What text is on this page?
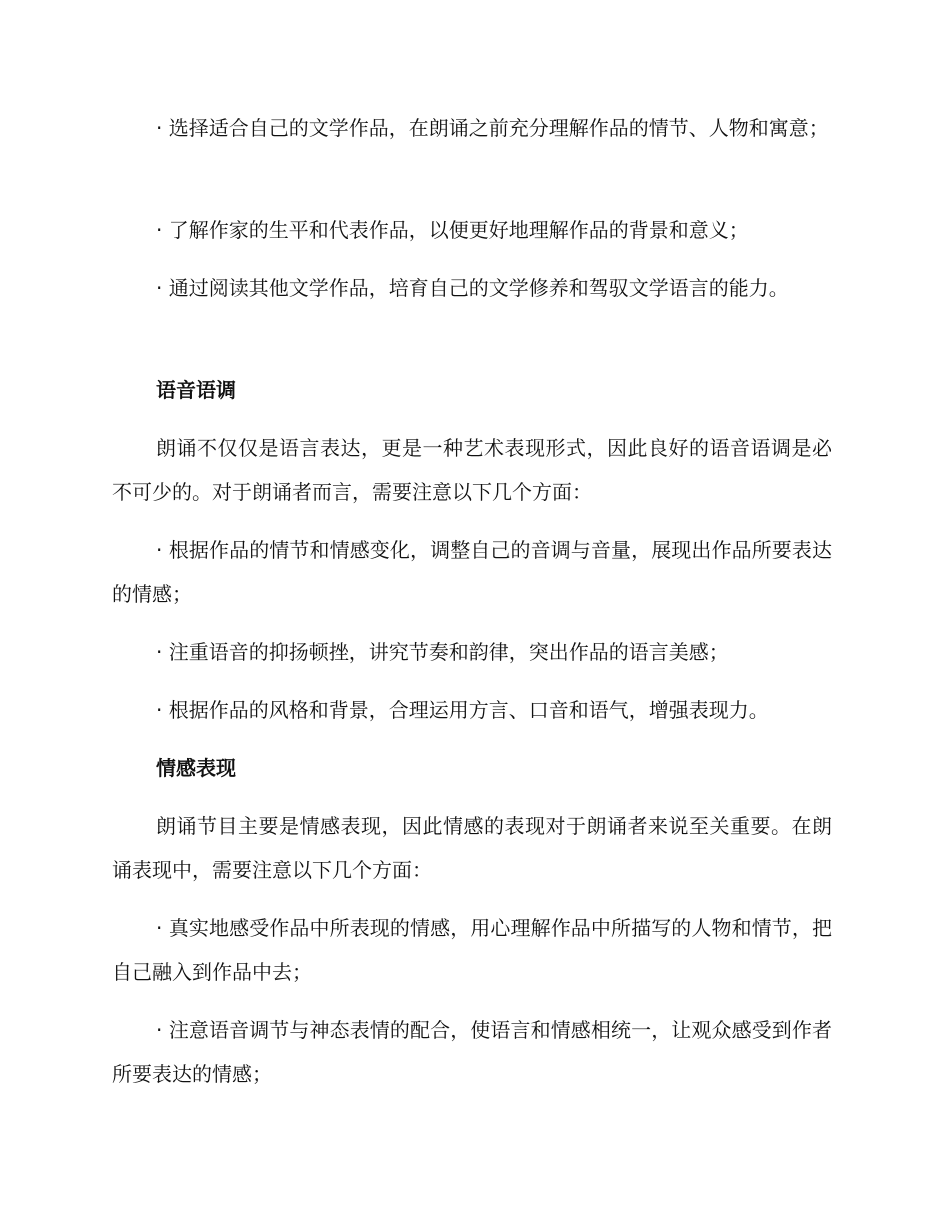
· 选择适合自己的文学作品，在朗诵之前充分理解作品的情节、人物和寓意；

· 了解作家的生平和代表作品，以便更好地理解作品的背景和意义；

· 通过阅读其他文学作品，培育自己的文学修养和驾驭文学语言的能力。

语音语调

朗诵不仅仅是语言表达，更是一种艺术表现形式，因此良好的语音语调是必不可少的。对于朗诵者而言，需要注意以下几个方面：

· 根据作品的情节和情感变化，调整自己的音调与音量，展现出作品所要表达的情感；

· 注重语音的抑扬顿挫，讲究节奏和韵律，突出作品的语言美感；

· 根据作品的风格和背景，合理运用方言、口音和语气，增强表现力。

情感表现

朗诵节目主要是情感表现，因此情感的表现对于朗诵者来说至关重要。在朗诵表现中，需要注意以下几个方面：

· 真实地感受作品中所表现的情感，用心理解作品中所描写的人物和情节，把自己融入到作品中去；

· 注意语音调节与神态表情的配合，使语言和情感相统一，让观众感受到作者所要表达的情感；
